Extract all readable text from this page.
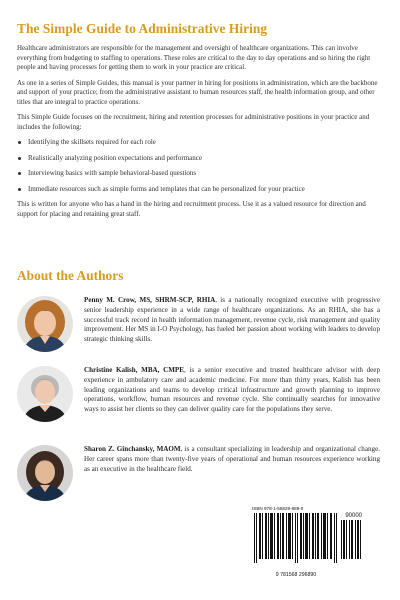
The Simple Guide to Administrative Hiring

Healthcare administrators are responsible for the management and oversight of healthcare organizations. This can involve everything from budgeting to staffing to operations. These roles are critical to the day to day operations and so hiring the right people and having processes for getting them to work in your practice are critical.

As one in a series of Simple Guides, this manual is your partner in hiring for positions in administration, which are the backbone and support of your practice; from the administrative assistant to human resources staff, the health information group, and other titles that are integral to practice operations.

This Simple Guide focuses on the recruitment, hiring and retention processes for administrative positions in your practice and includes the following:

Identifying the skillsets required for each role
Realistically analyzing position expectations and performance
Interviewing basics with sample behavioral-based questions
Immediate resources such as simple forms and templates that can be personalized for your practice

This is written for anyone who has a hand in the hiring and recruitment process. Use it as a valued resource for direction and support for placing and retaining great staff.

About the Authors
Penny M. Crow, MS, SHRM-SCP, RHIA, is a nationally recognized executive with progressive senior leadership experience in a wide range of healthcare organizations. As an RHIA, she has a successful track record in health information management, revenue cycle, risk management and quality improvement. Her MS in I-O Psychology, has fueled her passion about working with leaders to develop strategic thinking skills.
Christine Kalish, MBA, CMPE, is a senior executive and trusted healthcare advisor with deep experience in ambulatory care and academic medicine. For more than thirty years, Kalish has been leading organizations and teams to develop critical infrastructure and growth planning to improve operations, workflow, human resources and revenue cycle. She continually searches for innovative ways to assist her clients so they can deliver quality care for the populations they serve.
Sharon Z. Ginchansky, MAOM, is a consultant specializing in leadership and organizational change. Her career spans more than twenty-five years of operational and human resources experience working as an executive in the healthcare field.
ISBN 978-1-56829-689-0
90000
9 781568 296890
